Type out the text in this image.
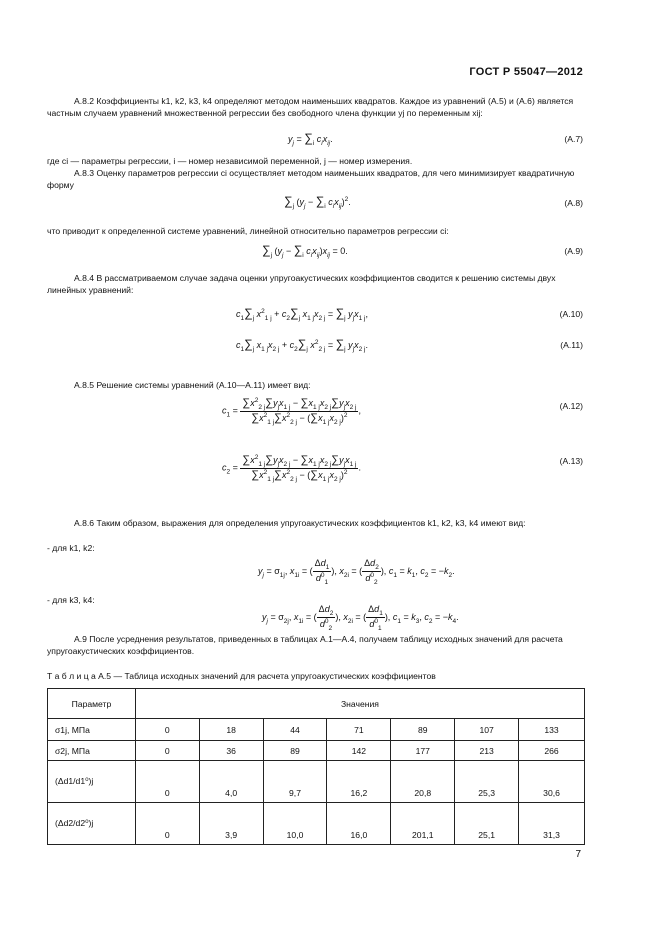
ГОСТ Р 55047—2012
А.8.2 Коэффициенты k1, k2, k3, k4 определяют методом наименьших квадратов. Каждое из уравнений (А.5) и (А.6) является частным случаем уравнений множественной регрессии без свободного члена функции yj по переменным xij:
$y_j = \sum_i$ $c_ix_{ij}$.	(А.7)
где ci — параметры регрессии, i — номер независимой переменной, j — номер измерения.
А.8.3 Оценку параметров регрессии ci осуществляет методом наименьших квадратов, для чего минимизирует квадратичную форму
$\sum_j$ ($y_j - \sum_i$ $c_ix_{ij})^2$.	(А.8)
что приводит к определенной системе уравнений, линейной относительно параметров регрессии ci:
$\sum_j$ ($y_j - \sum_i$ $c_ix_{ij})x_{ij} = 0$.	(А.9)
А.8.4 В рассматриваемом случае задача оценки упругоакустических коэффициентов сводится к решению системы двух линейных уравнений:
$c_1\sum_j$ $x^2_{1 j} + c_2\sum_j$ $x_{1 j}x_{2 j} = \sum_j$ $y_jx_{1 j}$,	(А.10)
$c_1\sum_j$ $x_{1 j}x_{2 j} + c_2\sum_j$ $x^2_{2 j} = \sum_j$ $y_jx_{2 j}$.	(А.11)
А.8.5 Решение системы уравнений (А.10—А.11) имеет вид:
$c_1 = \frac{\sum x^2_{2 j}\sum y_jx_{1 j} - \sum x_{1 j}x_{2 j}\sum y_jx_{2 j}}{\sum x^2_{1 j}\sum x^2_{2 j} - (\sum x_{1 j}x_{2 j})^2}$ ,	(А.12)
$c_2 = \frac{\sum x^2_{1 j}\sum y_jx_{2 j} - \sum x_{1 j}x_{2 j}\sum y_jx_{1 j}}{\sum x^2_{1 j}\sum x^2_{2 j} - (\sum x_{1 j}x_{2 j})^2}$ .
(А.13)
А.8.6 Таким образом, выражения для определения упругоакустических коэффициентов k1, k2, k3, k4 имеют вид:
- для k1, k2:
$y_j = \sigma_{1j}$, $x_{1i}$ = ( $\frac{\Delta d_1}{d^0_1}$ ), $x_{2i}$ = ( $\frac{\Delta d_2}{d^0_2}$ ), $c_1 = k_1$, $c_2 = -k_2$.
- для k3, k4:
$y_j = \sigma_{2j}$, $x_{1i}$ = ( $\frac{\Delta d_2}{d^0_2}$ ), $x_{2i}$ = ( $\frac{\Delta d_1}{d^0_1}$ ), $c_1 = k_3$, $c_2 = -k_4$.
А.9 После усреднения результатов, приведенных в таблицах А.1—А.4, получаем таблицу исходных значений для расчета упругоакустических коэффициентов.
Т а б л и ц а А.5 — Таблица исходных значений для расчета упругоакустических коэффициентов
Параметр	Значения						
σ1j, МПа	0	18	44	71	89	107	133
σ2j, МПа	0	36	89	142	177	213	266
(Δd1/d1⁰)j	0	4,0	9,7	16,2	20,8	25,3	30,6
(Δd2/d2⁰)j	0	3,9	10,0	16,0	201,1	25,1	31,3
7
